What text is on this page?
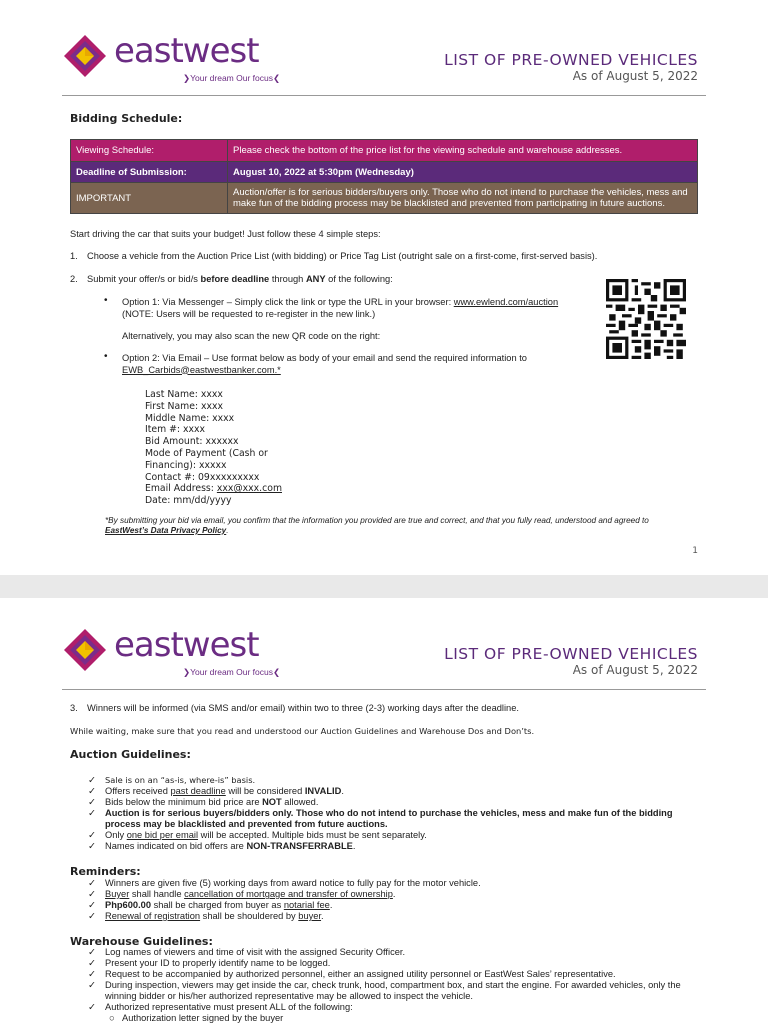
eastwest
❯Your dream Our focus❮
LIST OF PRE-OWNED VEHICLES
As of August 5, 2022
Bidding Schedule:
Viewing Schedule:	Please check the bottom of the price list for the viewing schedule and warehouse addresses.
Deadline of Submission:	August 10, 2022 at 5:30pm (Wednesday)
IMPORTANT	Auction/offer is for serious bidders/buyers only. Those who do not intend to purchase the vehicles, mess and make fun of the bidding process may be blacklisted and prevented from participating in future auctions.
Start driving the car that suits your budget! Just follow these 4 simple steps:
1. Choose a vehicle from the Auction Price List (with bidding) or Price Tag List (outright sale on a first-come, first-served basis).
2. Submit your offer/s or bid/s before deadline through ANY of the following:
• Option 1: Via Messenger – Simply click the link or type the URL in your browser: www.ewlend.com/auction
(NOTE: Users will be requested to re-register in the new link.)
Alternatively, you may also scan the new QR code on the right:
• Option 2: Via Email – Use format below as body of your email and send the required information to
EWB_Carbids@eastwestbanker.com.*
Last Name: xxxx
First Name: xxxx
Middle Name: xxxx
Item #: xxxx
Bid Amount: xxxxxx
Mode of Payment (Cash or
Financing): xxxxx
Contact #: 09xxxxxxxxx
Email Address: xxx@xxx.com
Date: mm/dd/yyyy
*By submitting your bid via email, you confirm that the information you provided are true and correct, and that you fully read, understood and agreed to
EastWest’s Data Privacy Policy.
1
eastwest
❯Your dream Our focus❮
LIST OF PRE-OWNED VEHICLES
As of August 5, 2022
3. Winners will be informed (via SMS and/or email) within two to three (2-3) working days after the deadline.
While waiting, make sure that you read and understood our Auction Guidelines and Warehouse Dos and Don’ts.
Auction Guidelines:
✓ Sale is on an “as-is, where-is” basis.
✓ Offers received past deadline will be considered INVALID.
✓ Bids below the minimum bid price are NOT allowed.
✓ Auction is for serious buyers/bidders only. Those who do not intend to purchase the vehicles, mess and make fun of the bidding process may be blacklisted and prevented from future auctions.
✓ Only one bid per email will be accepted. Multiple bids must be sent separately.
✓ Names indicated on bid offers are NON-TRANSFERRABLE.
Reminders:
✓ Winners are given five (5) working days from award notice to fully pay for the motor vehicle.
✓ Buyer shall handle cancellation of mortgage and transfer of ownership.
✓ Php600.00 shall be charged from buyer as notarial fee.
✓ Renewal of registration shall be shouldered by buyer.
Warehouse Guidelines:
✓ Log names of viewers and time of visit with the assigned Security Officer.
✓ Present your ID to properly identify name to be logged.
✓ Request to be accompanied by authorized personnel, either an assigned utility personnel or EastWest Sales’ representative.
✓ During inspection, viewers may get inside the car, check trunk, hood, compartment box, and start the engine. For awarded vehicles, only the winning bidder or his/her authorized representative may be allowed to inspect the vehicle.
✓ Authorized representative must present ALL of the following:
○ Authorization letter signed by the buyer
